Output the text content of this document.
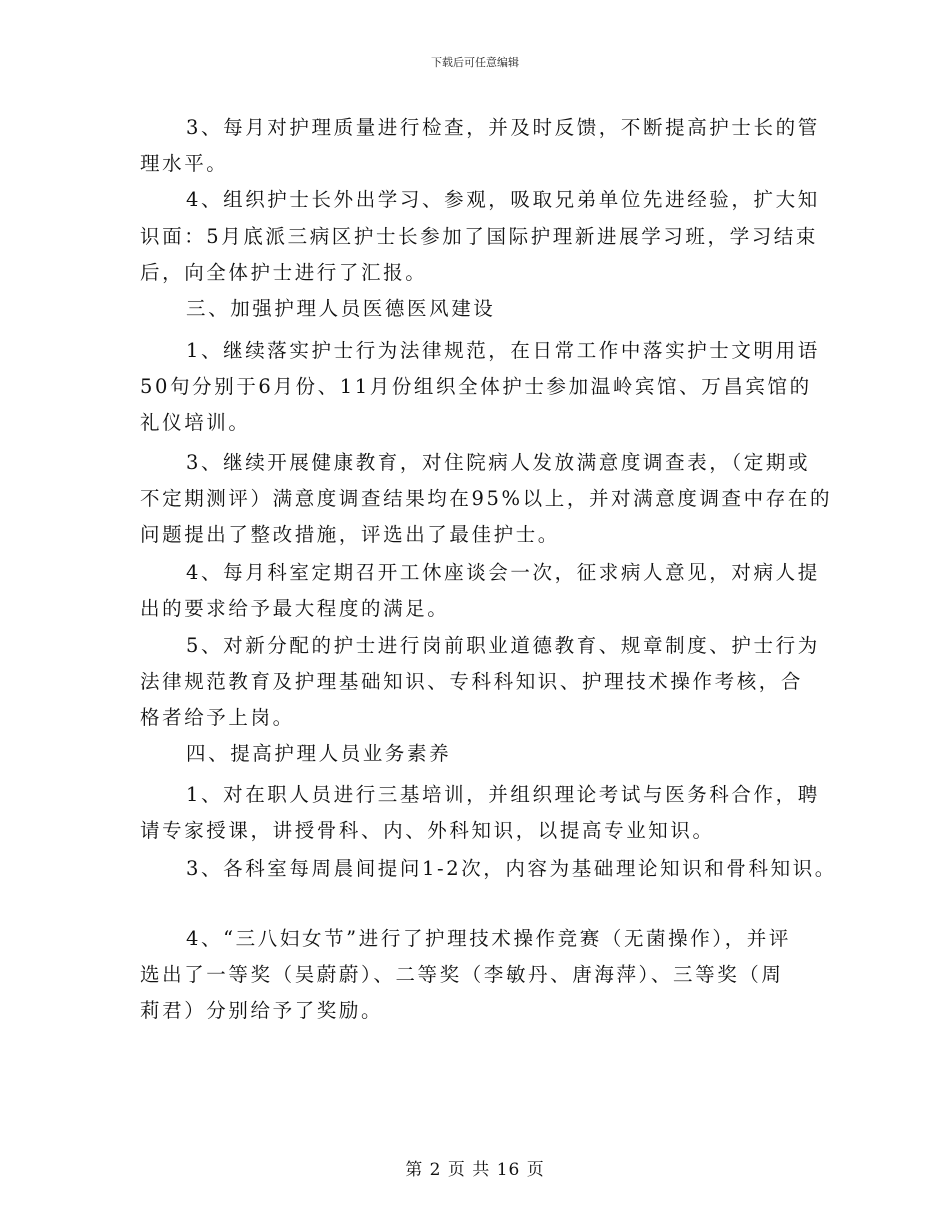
下载后可任意编辑
3、每月对护理质量进行检查，并及时反馈，不断提高护士长的管
理水平。
4、组织护士长外出学习、参观，吸取兄弟单位先进经验，扩大知
识面：5月底派三病区护士长参加了国际护理新进展学习班，学习结束
后，向全体护士进行了汇报。
三、加强护理人员医德医风建设
1、继续落实护士行为法律规范，在日常工作中落实护士文明用语
50句分别于6月份、11月份组织全体护士参加温岭宾馆、万昌宾馆的
礼仪培训。
3、继续开展健康教育，对住院病人发放满意度调查表，（定期或
不定期测评）满意度调查结果均在95%以上，并对满意度调查中存在的
问题提出了整改措施，评选出了最佳护士。
4、每月科室定期召开工休座谈会一次，征求病人意见，对病人提
出的要求给予最大程度的满足。
5、对新分配的护士进行岗前职业道德教育、规章制度、护士行为
法律规范教育及护理基础知识、专科科知识、护理技术操作考核，合
格者给予上岗。
四、提高护理人员业务素养
1、对在职人员进行三基培训，并组织理论考试与医务科合作，聘
请专家授课，讲授骨科、内、外科知识，以提高专业知识。
3、各科室每周晨间提问1-2次，内容为基础理论知识和骨科知识。
4、“三八妇女节”进行了护理技术操作竞赛（无菌操作），并评
选出了一等奖（吴蔚蔚）、二等奖（李敏丹、唐海萍）、三等奖（周
莉君）分别给予了奖励。
第 2 页 共 16 页
